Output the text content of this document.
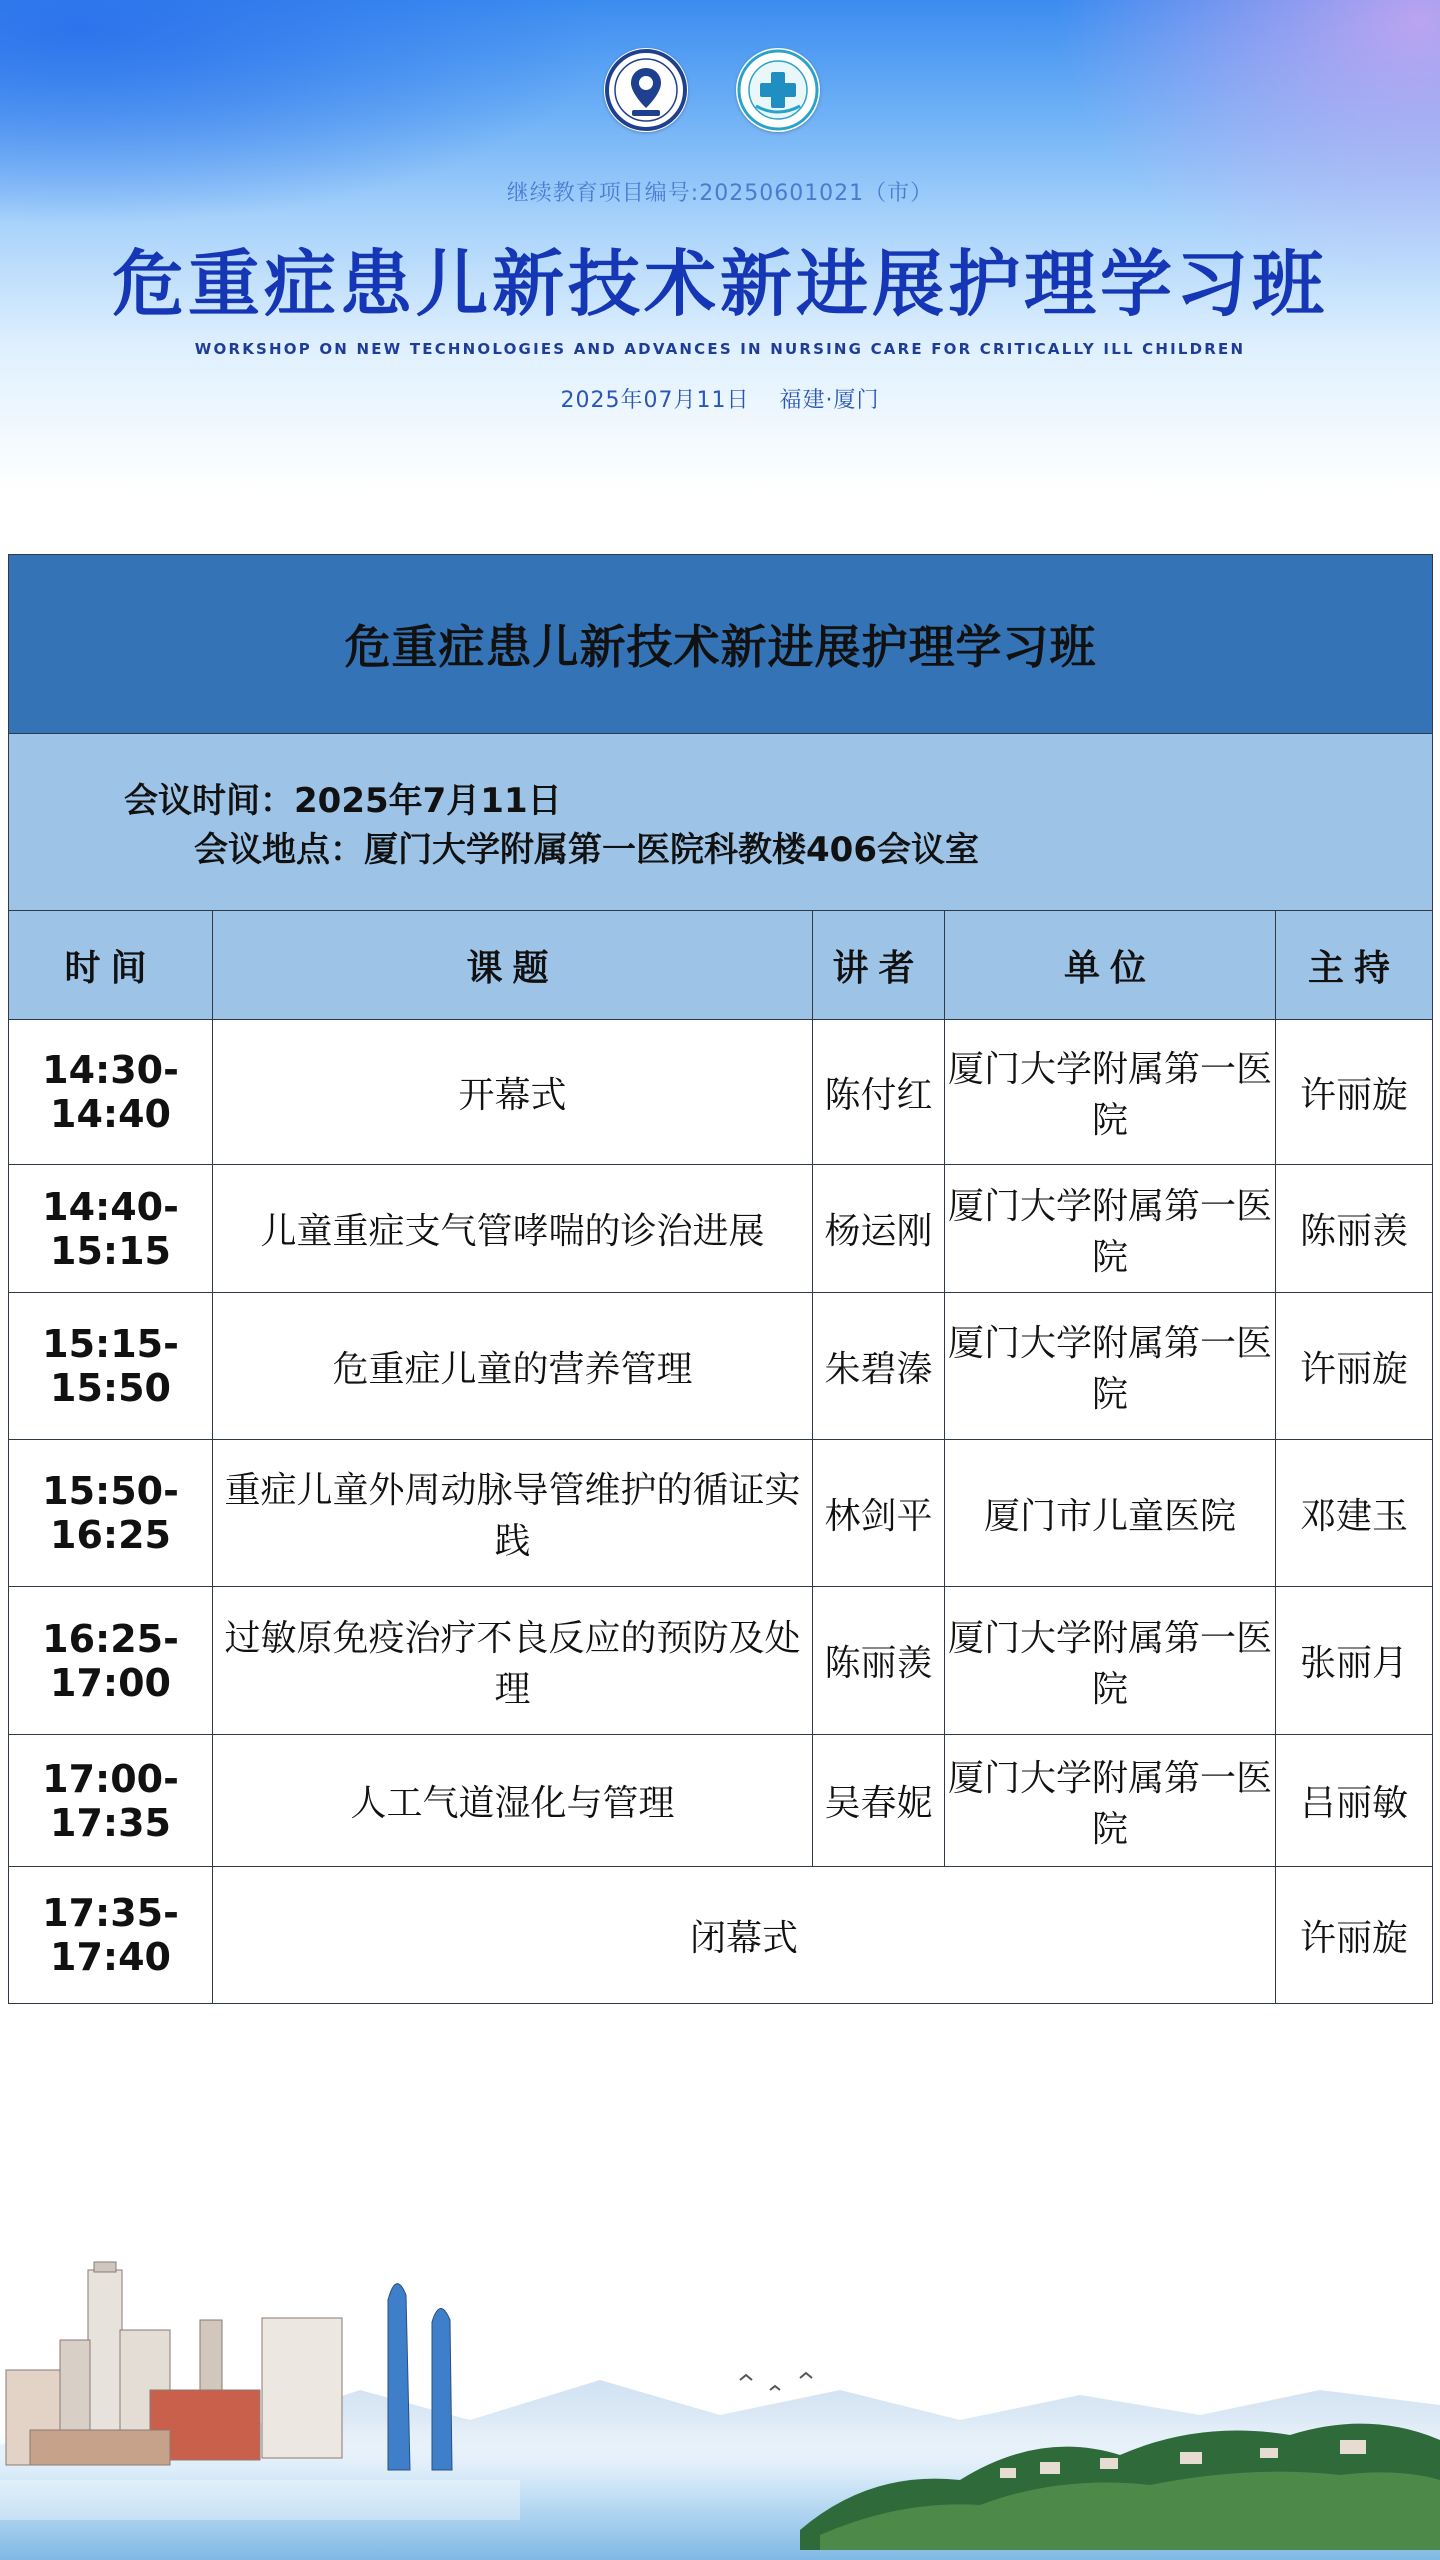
继续教育项目编号:20250601021（市）
危重症患儿新技术新进展护理学习班
WORKSHOP ON NEW TECHNOLOGIES AND ADVANCES IN NURSING CARE FOR CRITICALLY ILL CHILDREN
2025年07月11日 福建·厦门
危重症患儿新技术新进展护理学习班				
会议时间：2025年7月11日 会议地点：厦门大学附属第一医院科教楼406会议室				
时间	课题	讲者	单位	主持
14:30-14:40	开幕式	陈付红	厦门大学附属第一医院	许丽旋
14:40-15:15	儿童重症支气管哮喘的诊治进展	杨运刚	厦门大学附属第一医院	陈丽羡
15:15-15:50	危重症儿童的营养管理	朱碧溱	厦门大学附属第一医院	许丽旋
15:50-16:25	重症儿童外周动脉导管维护的循证实践	林剑平	厦门市儿童医院	邓建玉
16:25-17:00	过敏原免疫治疗不良反应的预防及处理	陈丽羡	厦门大学附属第一医院	张丽月
17:00-17:35	人工气道湿化与管理	吴春妮	厦门大学附属第一医院	吕丽敏
17:35-17:40	闭幕式			许丽旋
